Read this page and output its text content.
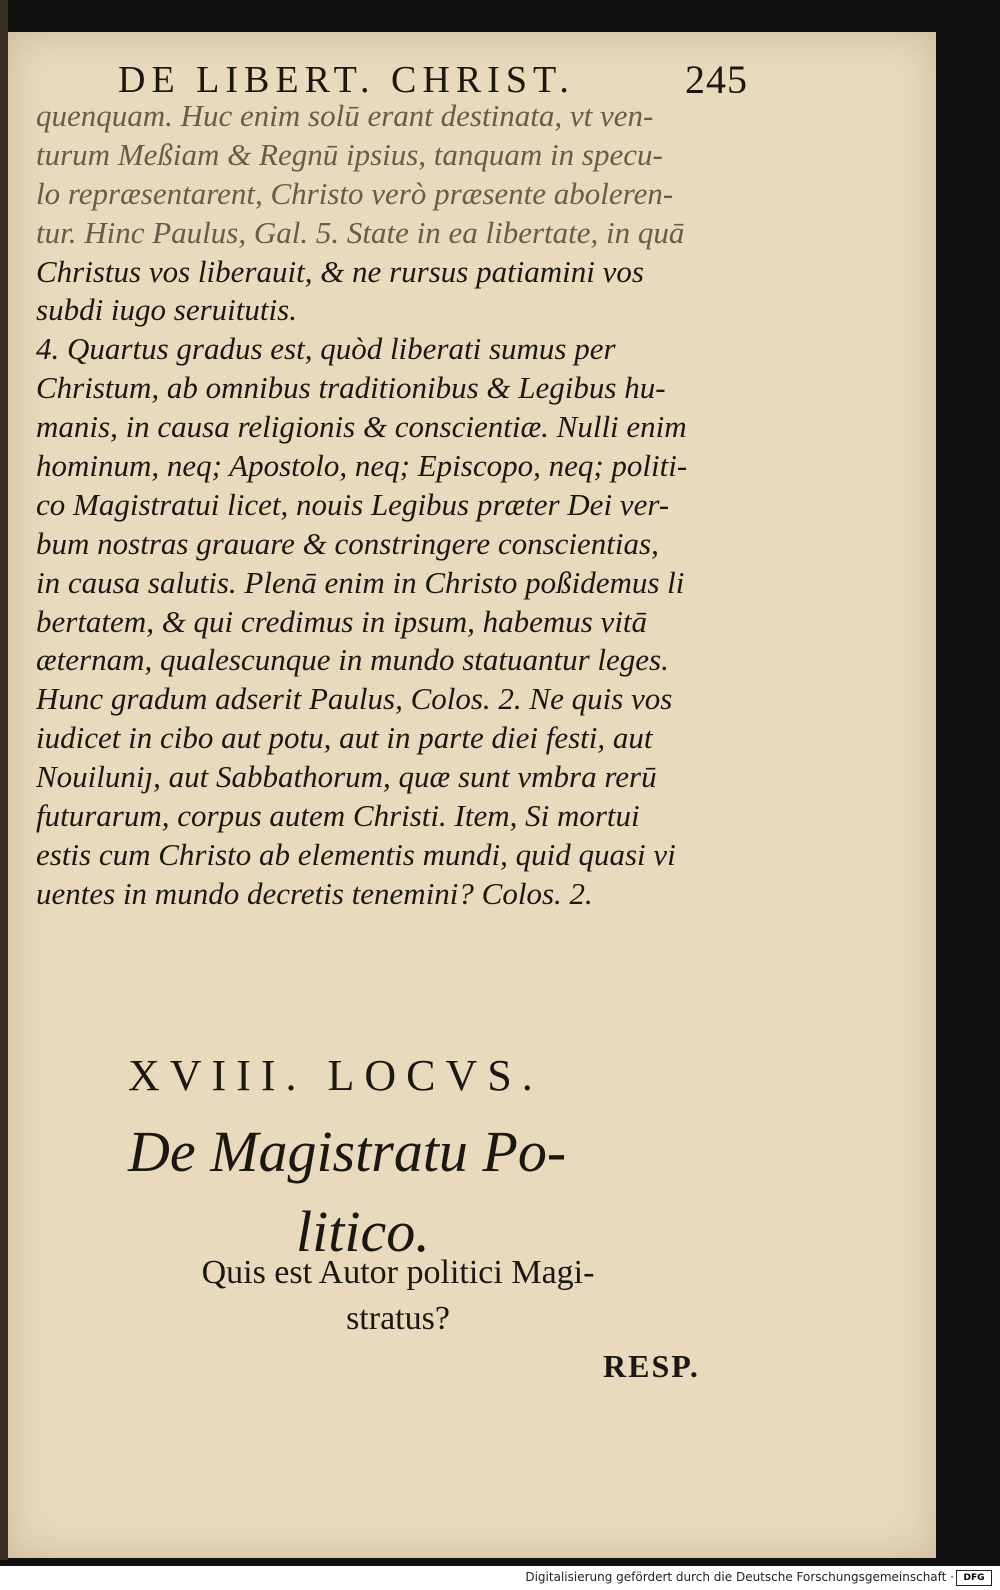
DE LIBERT. CHRIST.	245
quenquam. Huc enim solū erant destinata, vt ven-
turum Meßiam & Regnū ipsius, tanquam in specu-
lo repræsentarent, Christo verò præsente aboleren-
tur. Hinc Paulus, Gal. 5. State in ea libertate, in quā
Christus vos liberauit, & ne rursus patiamini vos
subdi iugo seruitutis.
4. Quartus gradus est, quòd liberati sumus per
Christum, ab omnibus traditionibus & Legibus hu-
manis, in causa religionis & conscientiæ. Nulli enim
hominum, neq; Apostolo, neq; Episcopo, neq; politi-
co Magistratui licet, nouis Legibus præter Dei ver-
bum nostras grauare & constringere conscientias,
in causa salutis. Plenā enim in Christo poßidemus li
bertatem, & qui credimus in ipsum, habemus vitā
æternam, qualescunque in mundo statuantur leges.
Hunc gradum adserit Paulus, Colos. 2. Ne quis vos
iudicet in cibo aut potu, aut in parte diei festi, aut
Nouiluniȷ, aut Sabbathorum, quæ sunt vmbra rerū
futurarum, corpus autem Christi. Item, Si mortui
estis cum Christo ab elementis mundi, quid quasi vi
uentes in mundo decretis tenemini? Colos. 2.
XVIII. LOCVS.
De Magistratu Po-
litico.
Quis est Autor politici Magi-
stratus?
RESP.
Digitalisierung gefördert durch die Deutsche Forschungsgemeinschaft ·	DFG
